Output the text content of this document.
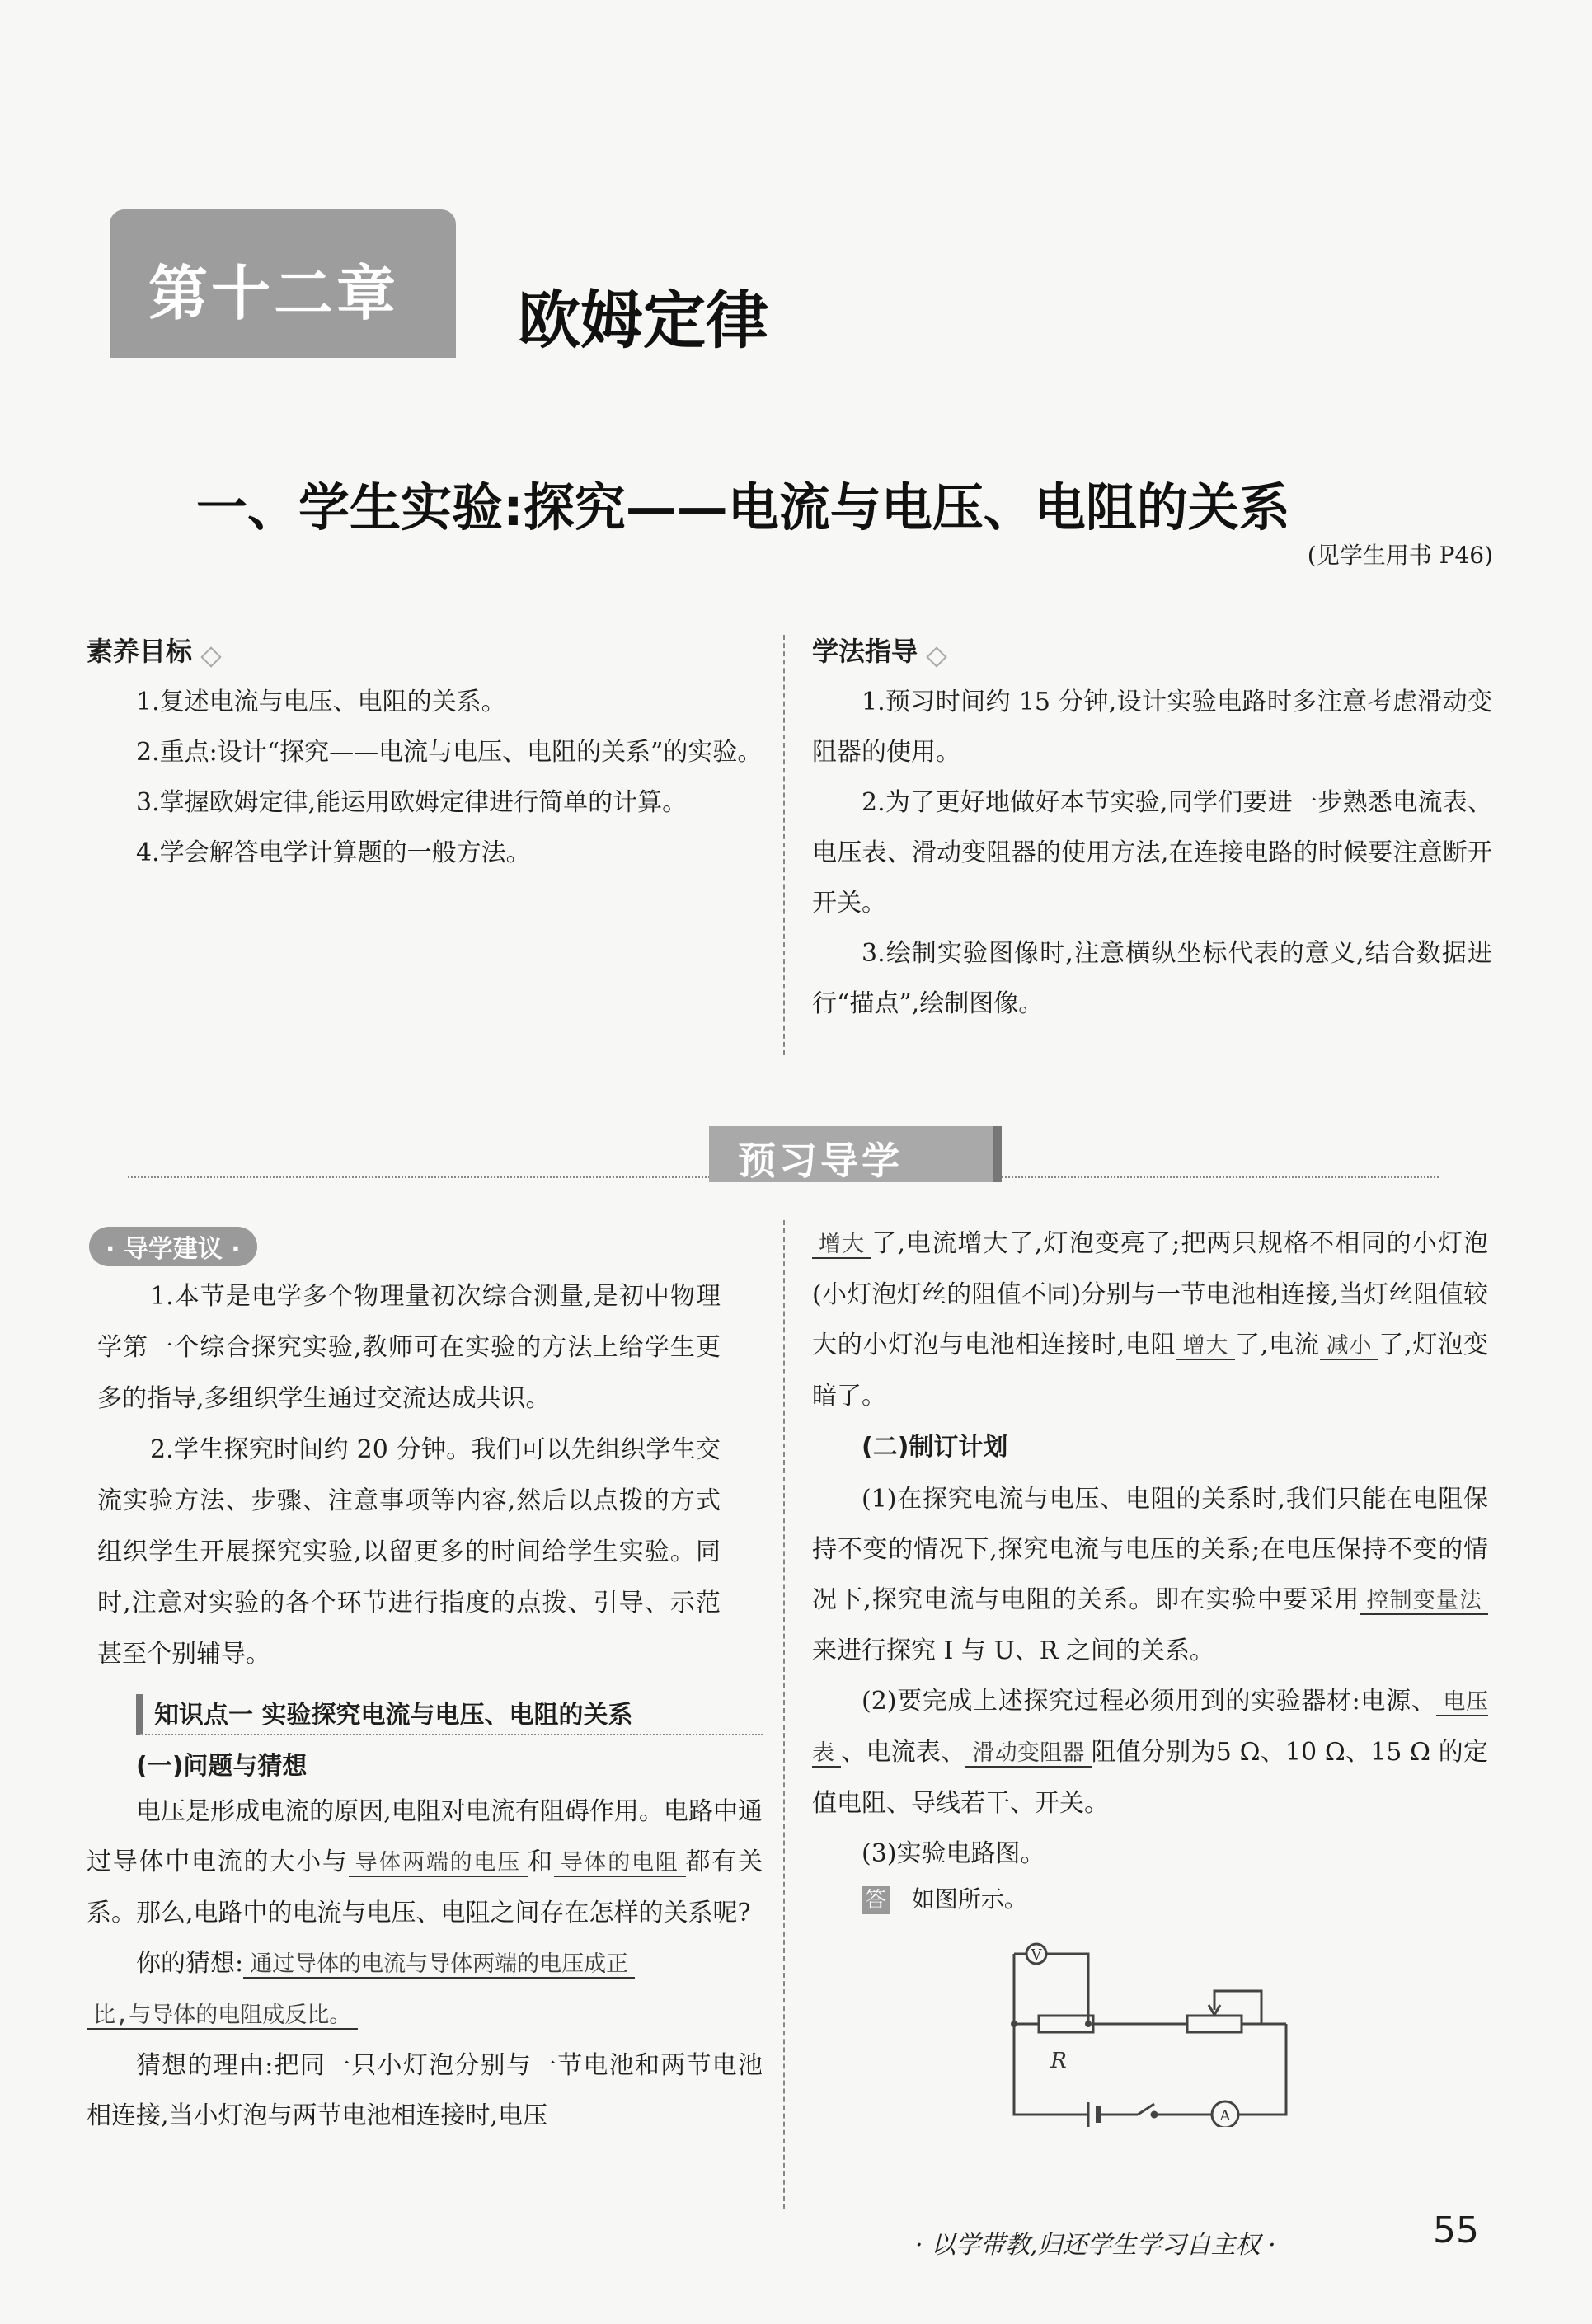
第十二章 欧姆定律
一、学生实验:探究——电流与电压、电阻的关系
(见学生用书 P46)
素养目标

1.复述电流与电压、电阻的关系。

2.重点:设计“探究——电流与电压、电阻的关系”的实验。

3.掌握欧姆定律,能运用欧姆定律进行简单的计算。

4.学会解答电学计算题的一般方法。

学法指导

1.预习时间约 15 分钟,设计实验电路时多注意考虑滑动变阻器的使用。

2.为了更好地做好本节实验,同学们要进一步熟悉电流表、电压表、滑动变阻器的使用方法,在连接电路的时候要注意断开开关。

3.绘制实验图像时,注意横纵坐标代表的意义,结合数据进行“描点”,绘制图像。

预习导学
· 导学建议 ·

1.本节是电学多个物理量初次综合测量,是初中物理学第一个综合探究实验,教师可在实验的方法上给学生更多的指导,多组织学生通过交流达成共识。

2.学生探究时间约 20 分钟。我们可以先组织学生交流实验方法、步骤、注意事项等内容,然后以点拨的方式组织学生开展探究实验,以留更多的时间给学生实验。同时,注意对实验的各个环节进行指度的点拨、引导、示范甚至个别辅导。

知识点一 实验探究电流与电压、电阻的关系
(一)问题与猜想

电压是形成电流的原因,电阻对电流有阻碍作用。电路中通过导体中电流的大小与 导体两端的电压 和 导体的电阻 都有关系。那么,电路中的电流与电压、电阻之间存在怎样的关系呢?

你的猜想: 通过导体的电流与导体两端的电压成正
比,与导体的电阻成反比。

猜想的理由:把同一只小灯泡分别与一节电池和两节电池相连接,当小灯泡与两节电池相连接时,电压

增大 了,电流增大了,灯泡变亮了;把两只规格不相同的小灯泡(小灯泡灯丝的阻值不同)分别与一节电池相连接,当灯丝阻值较大的小灯泡与电池相连接时,电阻 增大 了,电流 减小 了,灯泡变暗了。

(二)制订计划

(1)在探究电流与电压、电阻的关系时,我们只能在电阻保持不变的情况下,探究电流与电压的关系;在电压保持不变的情况下,探究电流与电阻的关系。即在实验中要采用 控制变量法来进行探究 I 与 U、R 之间的关系。

(2)要完成上述探究过程必须用到的实验器材:电源、 电压表 、电流表、 滑动变阻器 阻值分别为5 Ω、10 Ω、15 Ω 的定值电阻、导线若干、开关。

(3)实验电路图。

答 如图所示。
V
A
R
· 以学带教,归还学生学习自主权 ·	55
